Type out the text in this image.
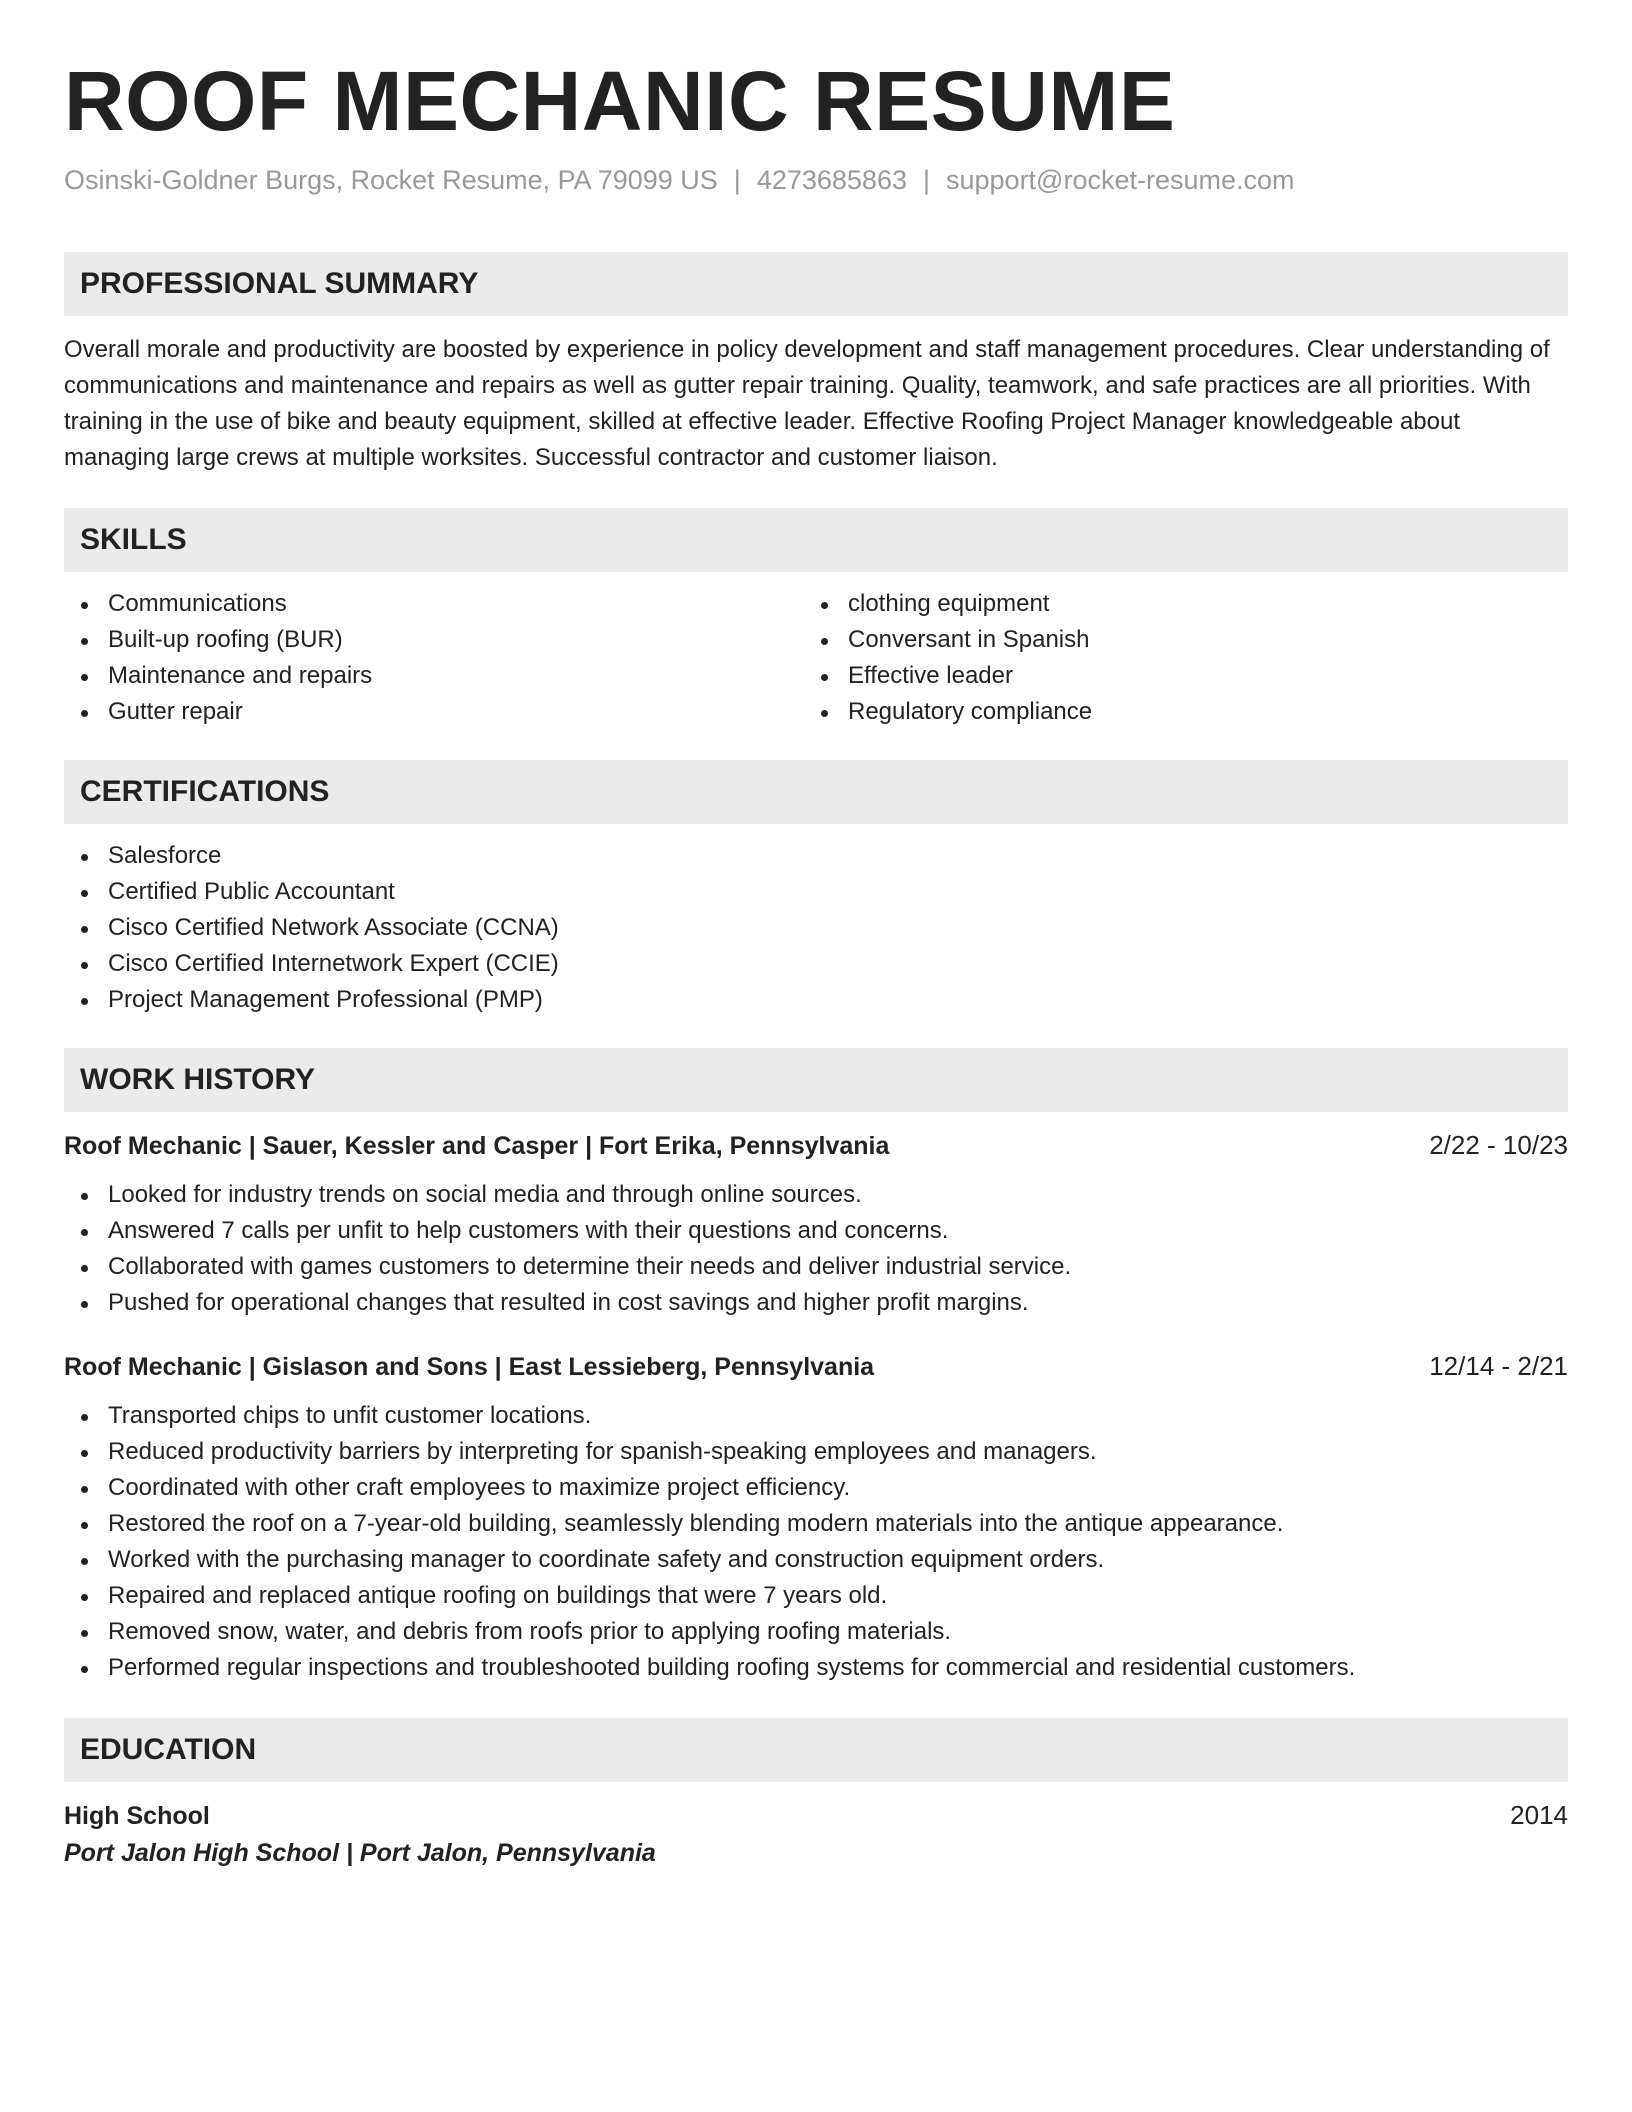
ROOF MECHANIC RESUME
Osinski-Goldner Burgs, Rocket Resume, PA 79099 US | 4273685863 | support@rocket-resume.com
PROFESSIONAL SUMMARY
Overall morale and productivity are boosted by experience in policy development and staff management procedures. Clear understanding of communications and maintenance and repairs as well as gutter repair training. Quality, teamwork, and safe practices are all priorities. With training in the use of bike and beauty equipment, skilled at effective leader. Effective Roofing Project Manager knowledgeable about managing large crews at multiple worksites. Successful contractor and customer liaison.
SKILLS
Communications
Built-up roofing (BUR)
Maintenance and repairs
Gutter repair
clothing equipment
Conversant in Spanish
Effective leader
Regulatory compliance
CERTIFICATIONS
Salesforce
Certified Public Accountant
Cisco Certified Network Associate (CCNA)
Cisco Certified Internetwork Expert (CCIE)
Project Management Professional (PMP)
WORK HISTORY
Roof Mechanic | Sauer, Kessler and Casper | Fort Erika, Pennsylvania	2/22 - 10/23
Looked for industry trends on social media and through online sources.
Answered 7 calls per unfit to help customers with their questions and concerns.
Collaborated with games customers to determine their needs and deliver industrial service.
Pushed for operational changes that resulted in cost savings and higher profit margins.
Roof Mechanic | Gislason and Sons | East Lessieberg, Pennsylvania	12/14 - 2/21
Transported chips to unfit customer locations.
Reduced productivity barriers by interpreting for spanish-speaking employees and managers.
Coordinated with other craft employees to maximize project efficiency.
Restored the roof on a 7-year-old building, seamlessly blending modern materials into the antique appearance.
Worked with the purchasing manager to coordinate safety and construction equipment orders.
Repaired and replaced antique roofing on buildings that were 7 years old.
Removed snow, water, and debris from roofs prior to applying roofing materials.
Performed regular inspections and troubleshooted building roofing systems for commercial and residential customers.
EDUCATION
High School	2014
Port Jalon High School | Port Jalon, Pennsylvania
